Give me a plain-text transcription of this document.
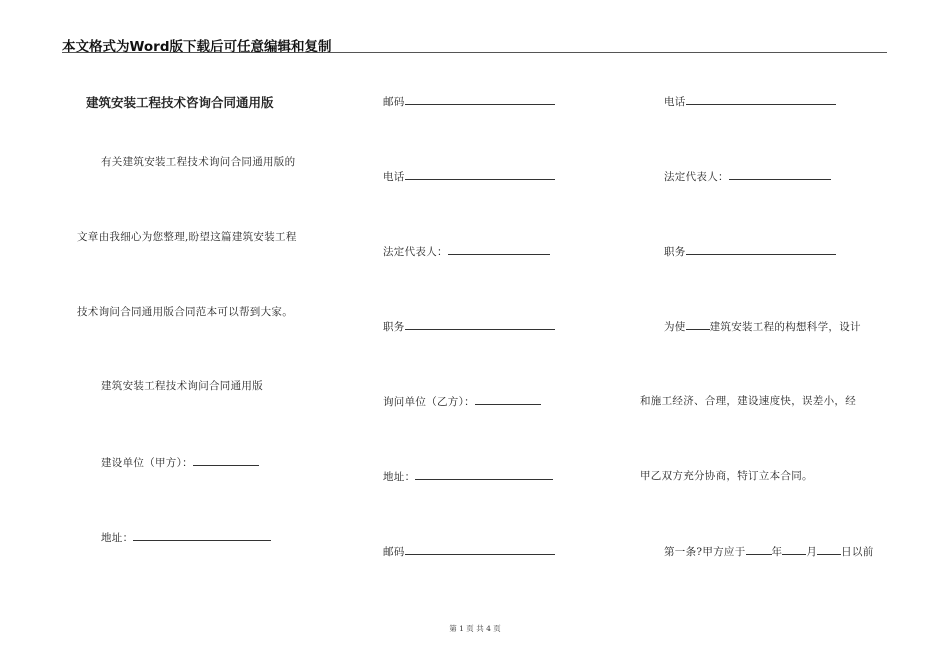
本文格式为Word版下载后可任意编辑和复制
建筑安装工程技术咨询合同通用版
有关建筑安装工程技术询问合同通用版的
文章由我细心为您整理,盼望这篇建筑安装工程
技术询问合同通用版合同范本可以帮到大家。
建筑安装工程技术询问合同通用版
建设单位（甲方）：
地址：
邮码
电话
法定代表人：
职务
询问单位（乙方）：
地址：
邮码
电话
法定代表人：
职务
为使 建筑安装工程的构想科学，设计
和施工经济、合理，建设速度快，误差小，经
甲乙双方充分协商，特订立本合同。
第一条?甲方应于 年 月 日以前
第 1 页 共 4 页
